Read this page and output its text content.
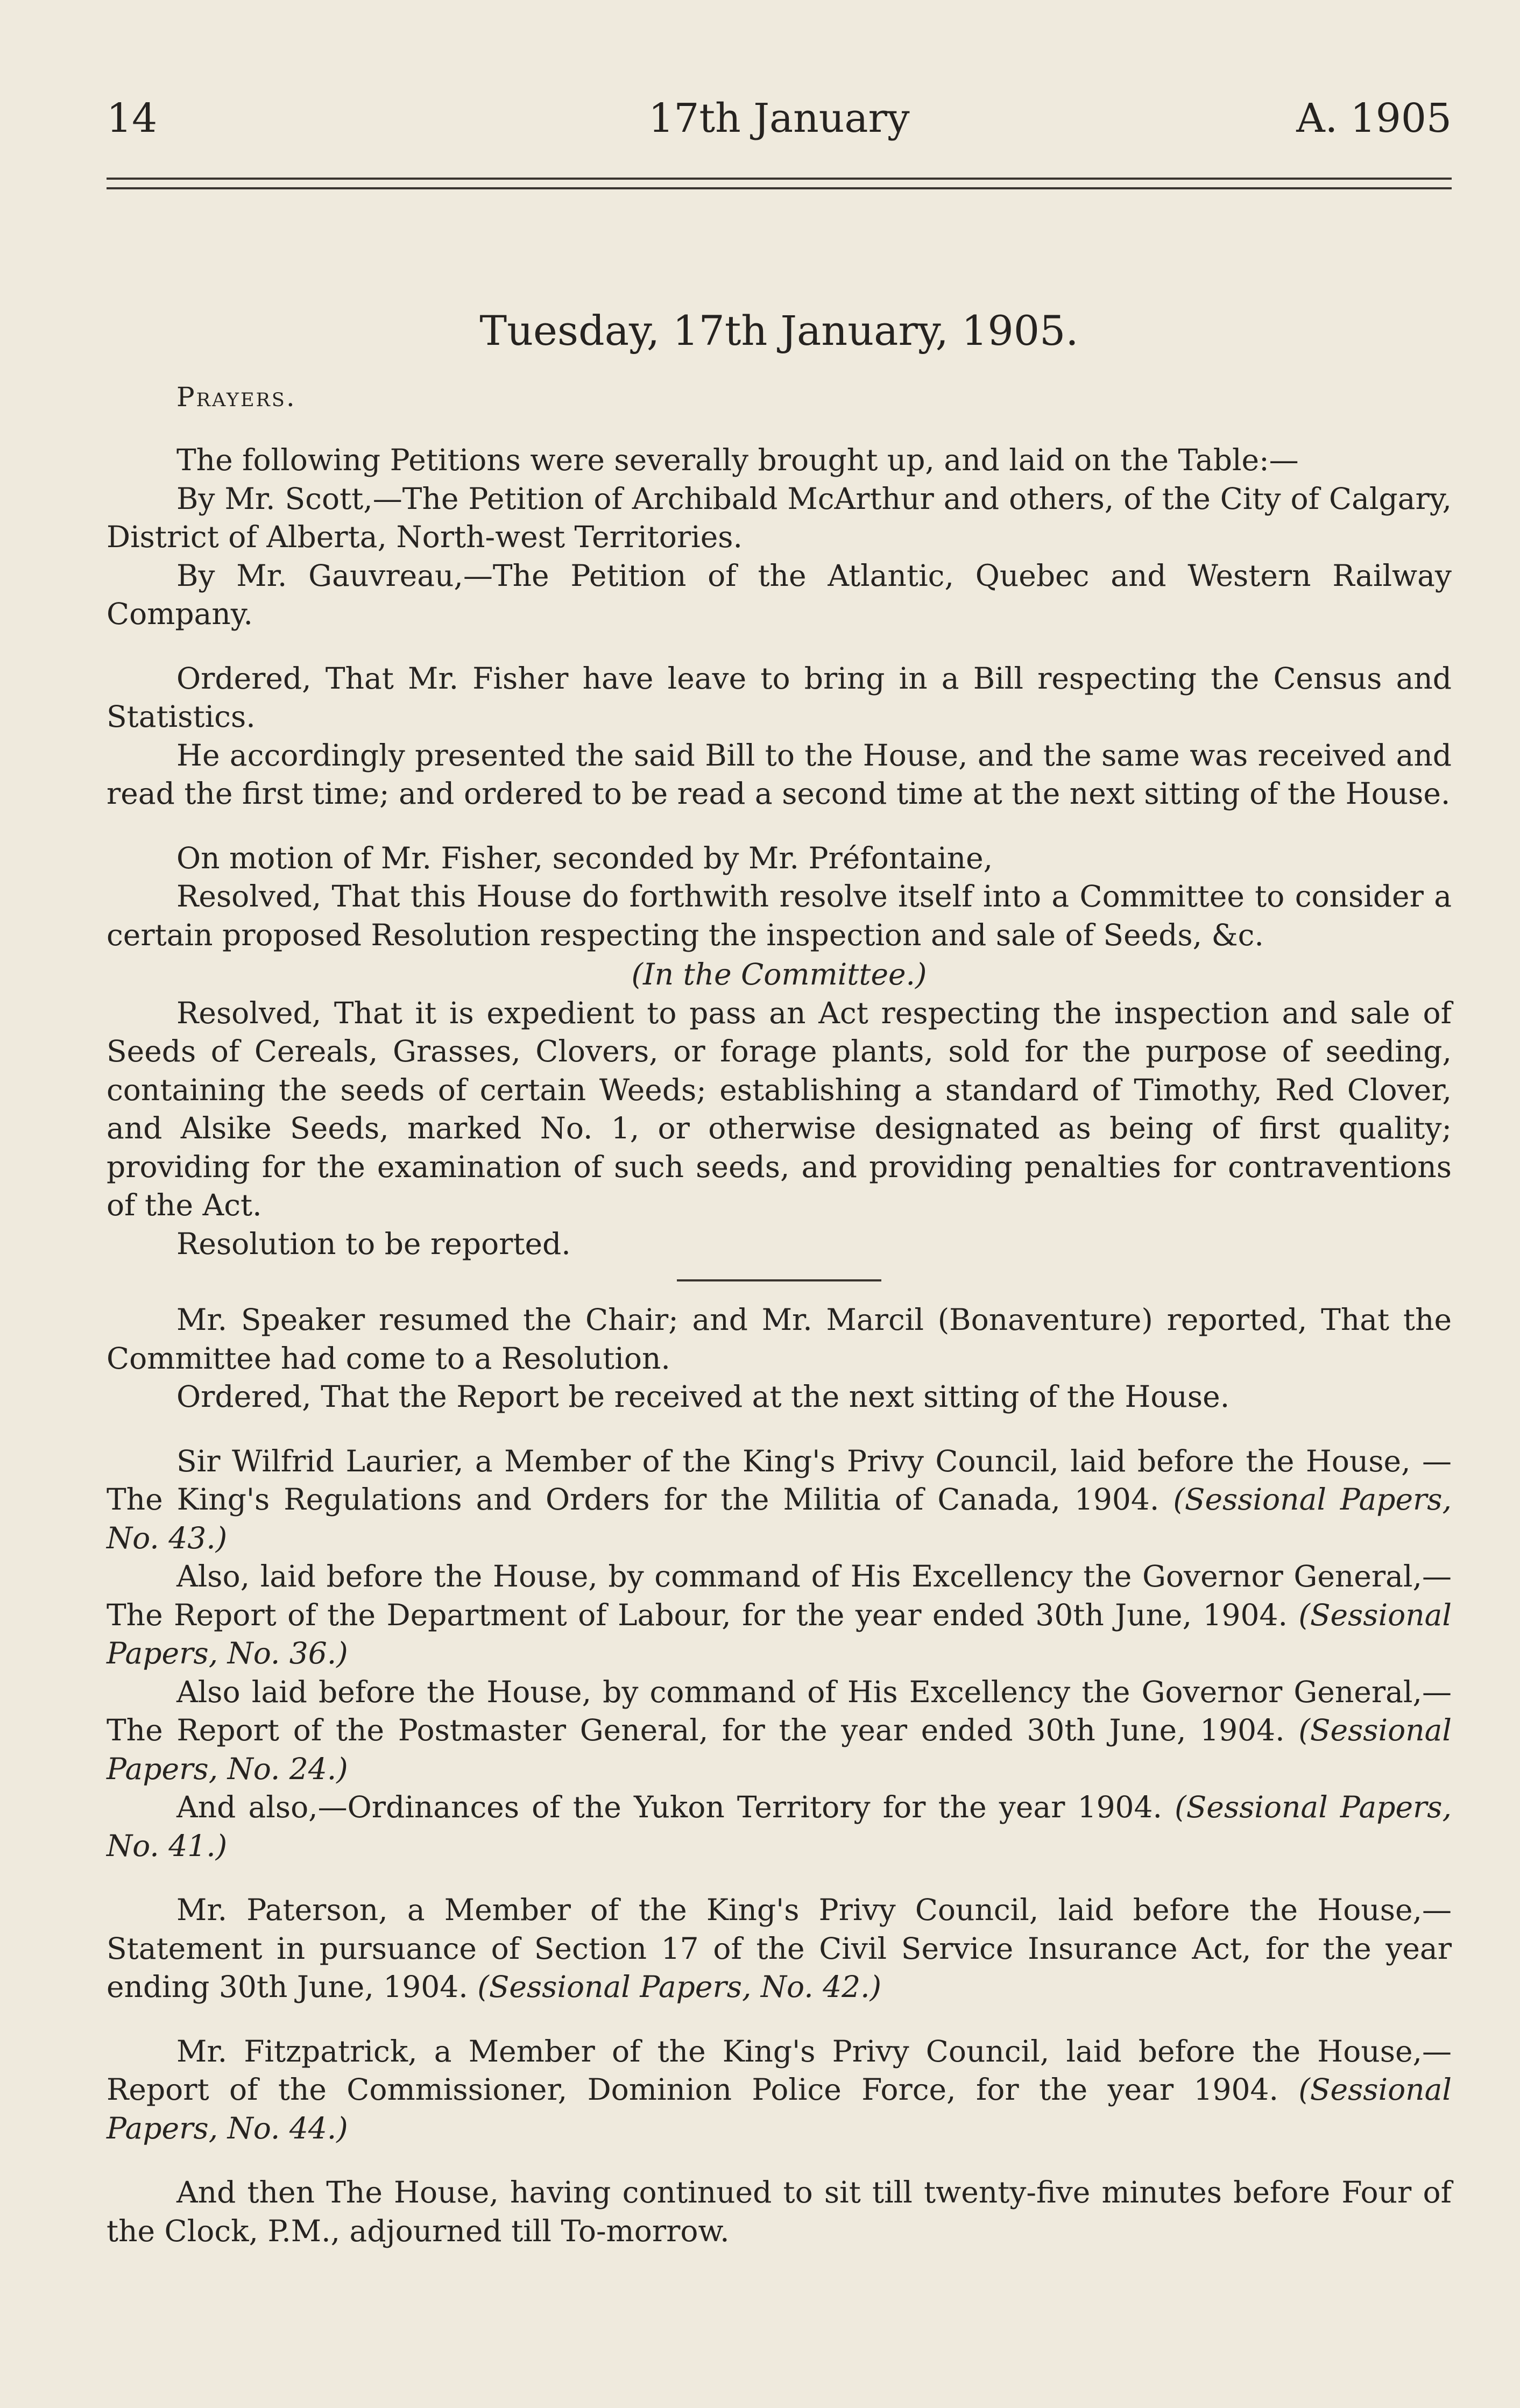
14	17th January	A. 1905
Tuesday, 17th January, 1905.
Prayers.

The following Petitions were severally brought up, and laid on the Table:—

By Mr. Scott,—The Petition of Archibald McArthur and others, of the City of Calgary, District of Alberta, North-west Territories.

By Mr. Gauvreau,—The Petition of the Atlantic, Quebec and Western Railway Company.

Ordered, That Mr. Fisher have leave to bring in a Bill respecting the Census and Statistics.

He accordingly presented the said Bill to the House, and the same was received and read the first time; and ordered to be read a second time at the next sitting of the House.

On motion of Mr. Fisher, seconded by Mr. Préfontaine,

Resolved, That this House do forthwith resolve itself into a Committee to consider a certain proposed Resolution respecting the inspection and sale of Seeds, &c.

(In the Committee.)

Resolved, That it is expedient to pass an Act respecting the inspection and sale of Seeds of Cereals, Grasses, Clovers, or forage plants, sold for the purpose of seeding, containing the seeds of certain Weeds; establishing a standard of Timothy, Red Clover, and Alsike Seeds, marked No. 1, or otherwise designated as being of first quality; providing for the examination of such seeds, and providing penalties for contraventions of the Act.

Resolution to be reported.

Mr. Speaker resumed the Chair; and Mr. Marcil (Bonaventure) reported, That the Committee had come to a Resolution.

Ordered, That the Report be received at the next sitting of the House.

Sir Wilfrid Laurier, a Member of the King's Privy Council, laid before the House, —The King's Regulations and Orders for the Militia of Canada, 1904. (Sessional Papers, No. 43.)

Also, laid before the House, by command of His Excellency the Governor General,—The Report of the Department of Labour, for the year ended 30th June, 1904. (Sessional Papers, No. 36.)

Also laid before the House, by command of His Excellency the Governor General,—The Report of the Postmaster General, for the year ended 30th June, 1904. (Sessional Papers, No. 24.)

And also,—Ordinances of the Yukon Territory for the year 1904. (Sessional Papers, No. 41.)

Mr. Paterson, a Member of the King's Privy Council, laid before the House,— Statement in pursuance of Section 17 of the Civil Service Insurance Act, for the year ending 30th June, 1904. (Sessional Papers, No. 42.)

Mr. Fitzpatrick, a Member of the King's Privy Council, laid before the House,— Report of the Commissioner, Dominion Police Force, for the year 1904. (Sessional Papers, No. 44.)

And then The House, having continued to sit till twenty-five minutes before Four of the Clock, P.M., adjourned till To-morrow.
